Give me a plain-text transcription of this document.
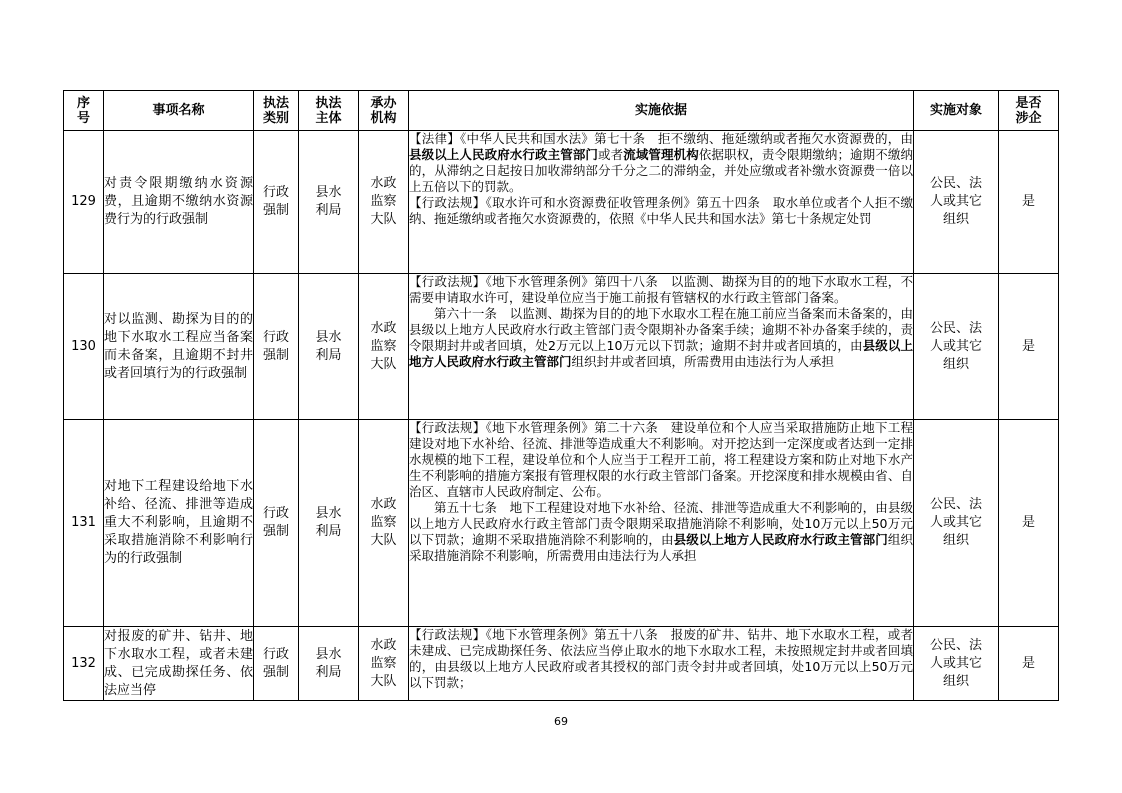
序号	事项名称	执法类别	执法主体	承办机构	实施依据	实施对象	是否涉企
129	对责令限期缴纳水资源费，且逾期不缴纳水资源费行为的行政强制	行政强制	县水利局	水政监察大队	【法律】《中华人民共和国水法》第七十条　拒不缴纳、拖延缴纳或者拖欠水资源费的，由县级以上人民政府水行政主管部门或者流域管理机构依据职权，责令限期缴纳；逾期不缴纳的，从滞纳之日起按日加收滞纳部分千分之二的滞纳金，并处应缴或者补缴水资源费一倍以上五倍以下的罚款。

【行政法规】《取水许可和水资源费征收管理条例》第五十四条　取水单位或者个人拒不缴纳、拖延缴纳或者拖欠水资源费的，依照《中华人民共和国水法》第七十条规定处罚	公民、法人或其它组织	是
130	对以监测、勘探为目的的地下水取水工程应当备案而未备案，且逾期不封井或者回填行为的行政强制	行政强制	县水利局	水政监察大队	【行政法规】《地下水管理条例》第四十八条　以监测、勘探为目的的地下水取水工程，不需要申请取水许可，建设单位应当于施工前报有管辖权的水行政主管部门备案。

第六十一条　以监测、勘探为目的的地下水取水工程在施工前应当备案而未备案的，由县级以上地方人民政府水行政主管部门责令限期补办备案手续；逾期不补办备案手续的，责令限期封井或者回填，处2万元以上10万元以下罚款；逾期不封井或者回填的，由县级以上地方人民政府水行政主管部门组织封井或者回填，所需费用由违法行为人承担	公民、法人或其它组织	是
131	对地下工程建设给地下水补给、径流、排泄等造成重大不利影响，且逾期不采取措施消除不利影响行为的行政强制	行政强制	县水利局	水政监察大队	【行政法规】《地下水管理条例》第二十六条　建设单位和个人应当采取措施防止地下工程建设对地下水补给、径流、排泄等造成重大不利影响。对开挖达到一定深度或者达到一定排水规模的地下工程，建设单位和个人应当于工程开工前，将工程建设方案和防止对地下水产生不利影响的措施方案报有管理权限的水行政主管部门备案。开挖深度和排水规模由省、自治区、直辖市人民政府制定、公布。

第五十七条　地下工程建设对地下水补给、径流、排泄等造成重大不利影响的，由县级以上地方人民政府水行政主管部门责令限期采取措施消除不利影响，处10万元以上50万元以下罚款；逾期不采取措施消除不利影响的，由县级以上地方人民政府水行政主管部门组织采取措施消除不利影响，所需费用由违法行为人承担	公民、法人或其它组织	是
132	对报废的矿井、钻井、地下水取水工程，或者未建成、已完成勘探任务、依法应当停	行政强制	县水利局	水政监察大队	【行政法规】《地下水管理条例》第五十八条　报废的矿井、钻井、地下水取水工程，或者未建成、已完成勘探任务、依法应当停止取水的地下水取水工程，未按照规定封井或者回填的，由县级以上地方人民政府或者其授权的部门责令封井或者回填，处10万元以上50万元以下罚款；	公民、法人或其它组织	是
69
